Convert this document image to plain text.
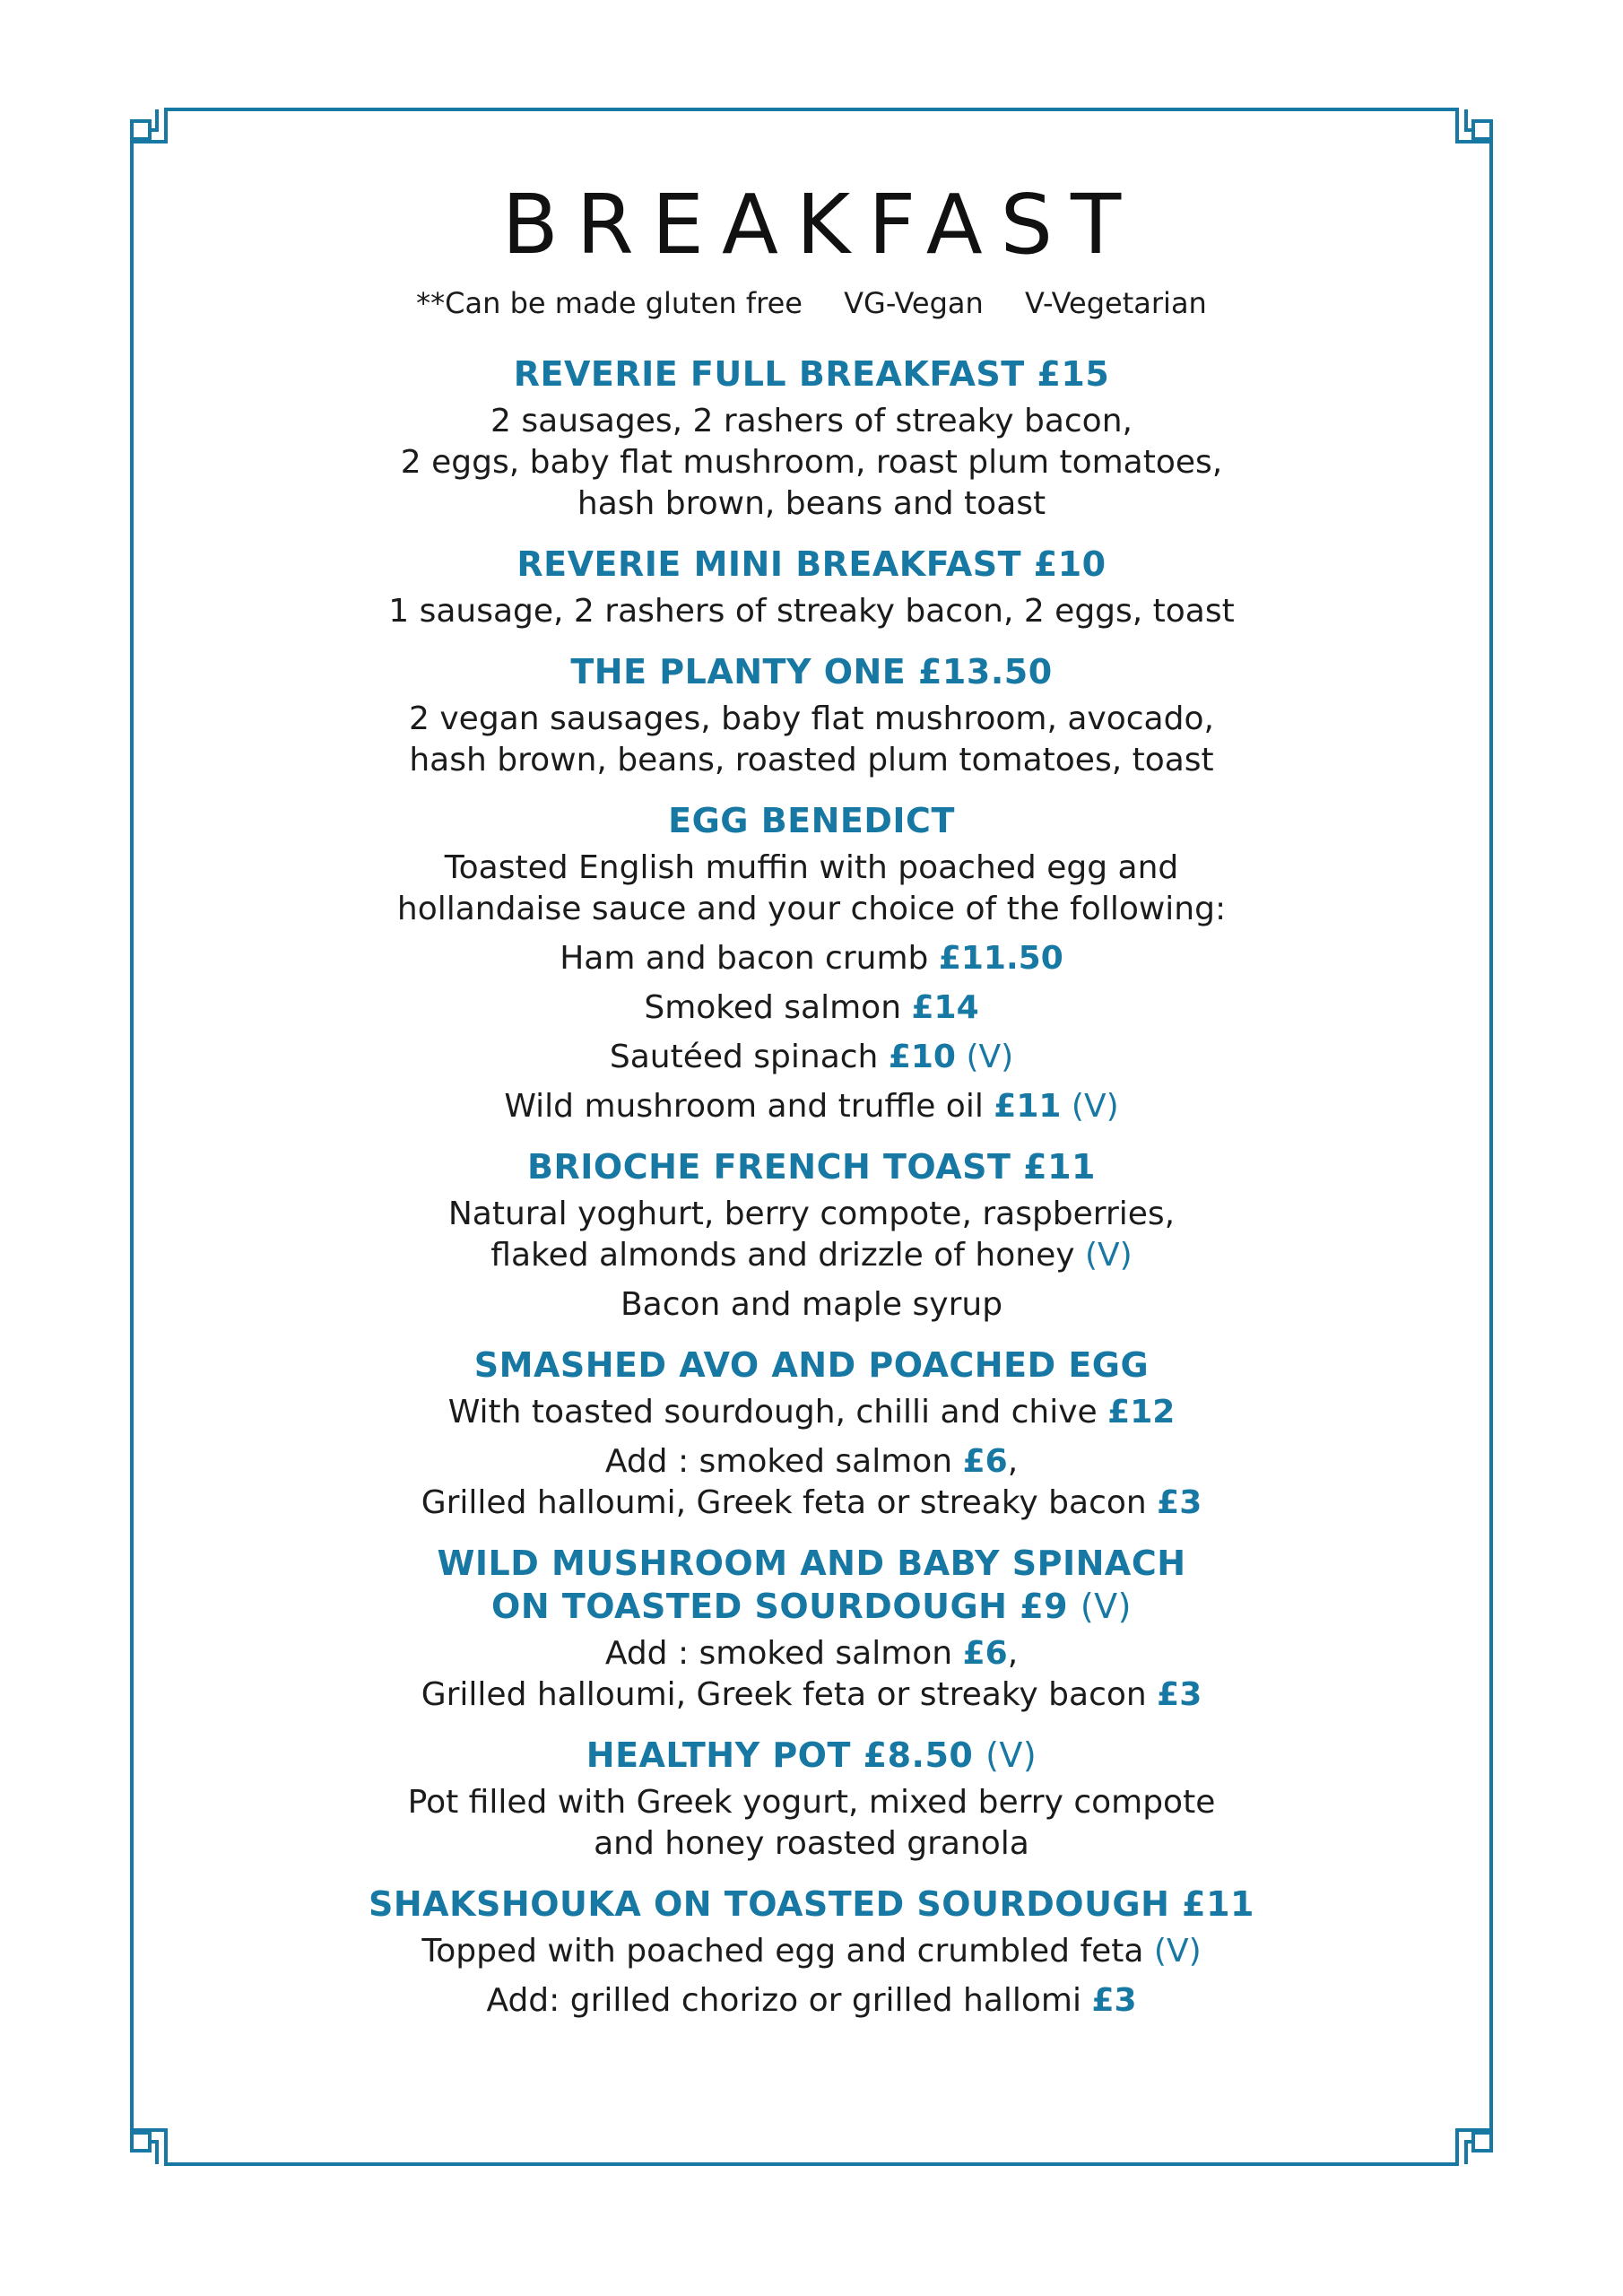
BREAKFAST
**Can be made gluten free VG-Vegan V-Vegetarian
REVERIE FULL BREAKFAST £15
2 sausages, 2 rashers of streaky bacon,
2 eggs, baby flat mushroom, roast plum tomatoes,
hash brown, beans and toast
REVERIE MINI BREAKFAST £10
1 sausage, 2 rashers of streaky bacon, 2 eggs, toast
THE PLANTY ONE £13.50
2 vegan sausages, baby flat mushroom, avocado,
hash brown, beans, roasted plum tomatoes, toast
EGG BENEDICT
Toasted English muffin with poached egg and
hollandaise sauce and your choice of the following:
Ham and bacon crumb £11.50
Smoked salmon £14
Sautéed spinach £10 (V)
Wild mushroom and truffle oil £11 (V)
BRIOCHE FRENCH TOAST £11
Natural yoghurt, berry compote, raspberries,
flaked almonds and drizzle of honey (V)
Bacon and maple syrup
SMASHED AVO AND POACHED EGG
With toasted sourdough, chilli and chive £12
Add : smoked salmon £6,
Grilled halloumi, Greek feta or streaky bacon £3
WILD MUSHROOM AND BABY SPINACH
ON TOASTED SOURDOUGH £9 (V)
Add : smoked salmon £6,
Grilled halloumi, Greek feta or streaky bacon £3
HEALTHY POT £8.50 (V)
Pot filled with Greek yogurt, mixed berry compote
and honey roasted granola
SHAKSHOUKA ON TOASTED SOURDOUGH £11
Topped with poached egg and crumbled feta (V)
Add: grilled chorizo or grilled hallomi £3
